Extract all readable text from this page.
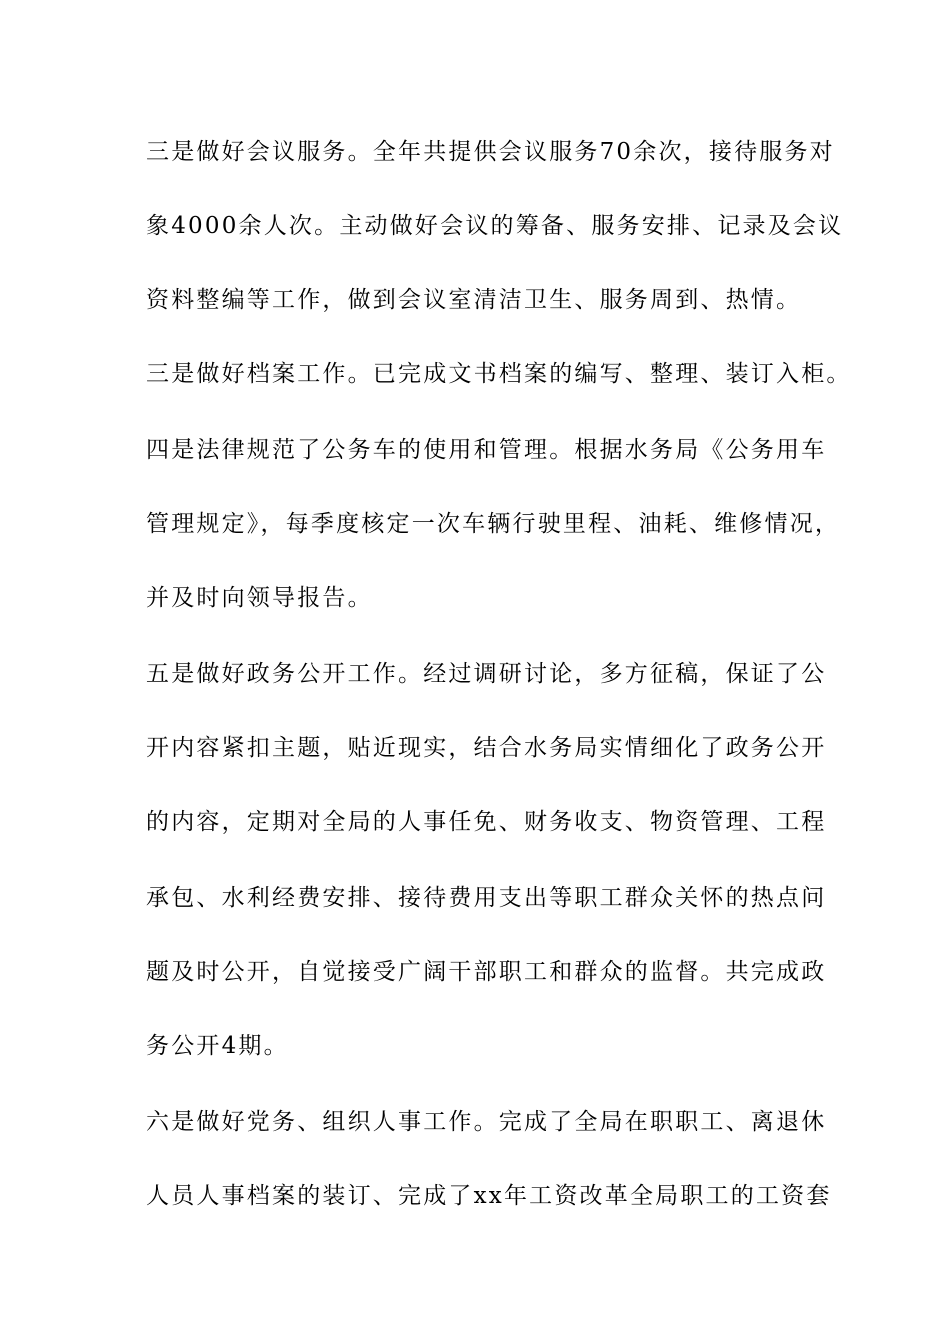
三是做好会议服务。全年共提供会议服务70余次，接待服务对
象4000余人次。主动做好会议的筹备、服务安排、记录及会议
资料整编等工作，做到会议室清洁卫生、服务周到、热情。
三是做好档案工作。已完成文书档案的编写、整理、装订入柜。
四是法律规范了公务车的使用和管理。根据水务局《公务用车
管理规定》，每季度核定一次车辆行驶里程、油耗、维修情况，
并及时向领导报告。
五是做好政务公开工作。经过调研讨论，多方征稿，保证了公
开内容紧扣主题，贴近现实，结合水务局实情细化了政务公开
的内容，定期对全局的人事任免、财务收支、物资管理、工程
承包、水利经费安排、接待费用支出等职工群众关怀的热点问
题及时公开，自觉接受广阔干部职工和群众的监督。共完成政
务公开4期。
六是做好党务、组织人事工作。完成了全局在职职工、离退休
人员人事档案的装订、完成了xx年工资改革全局职工的工资套
